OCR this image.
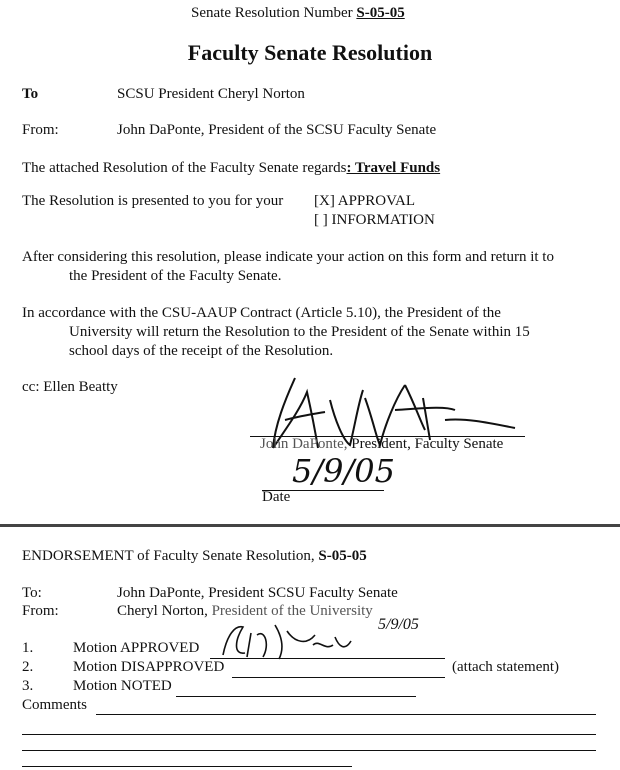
Senate Resolution Number S-05-05
Faculty Senate Resolution
To	SCSU President Cheryl Norton
From:	John DaPonte, President of the SCSU Faculty Senate
The attached Resolution of the Faculty Senate regards: Travel Funds
The Resolution is presented to you for your [X] APPROVAL
[ ] INFORMATION
After considering this resolution, please indicate your action on this form and return it to
the President of the Faculty Senate.
In accordance with the CSU-AAUP Contract (Article 5.10), the President of the
University will return the Resolution to the President of the Senate within 15
school days of the receipt of the Resolution.
cc: Ellen Beatty
John DaPonte, President, Faculty Senate
5/9/05
Date
ENDORSEMENT of Faculty Senate Resolution, S-05-05
To:	John DaPonte, President SCSU Faculty Senate
From:	Cheryl Norton, President of the University
1.	Motion APPROVED
2.	Motion DISAPPROVED	(attach statement)
3.	Motion NOTED
5/9/05
Comments
